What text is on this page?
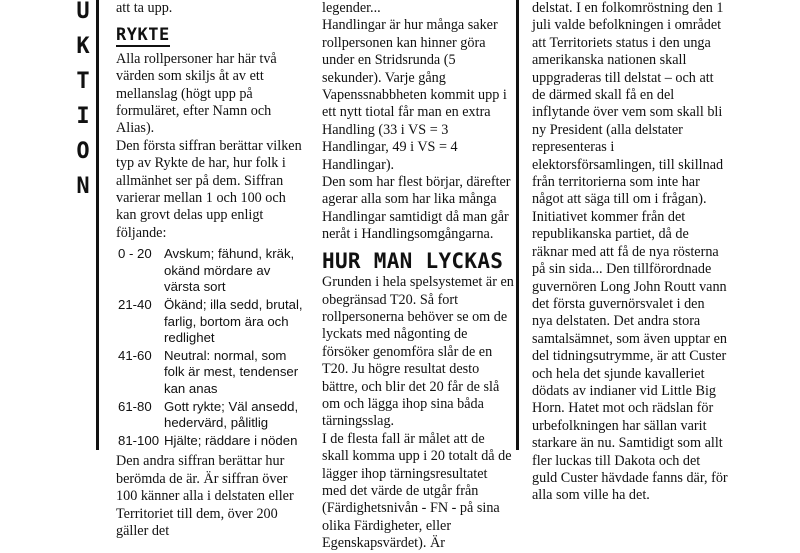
U
K
T
I
O
N

att ta upp.

RYKTE

Alla rollpersoner har här två värden som skiljs åt av ett mellanslag (högt upp på formuläret, efter Namn och Alias).

Den första siffran berättar vilken typ av Rykte de har, hur folk i allmänhet ser på dem. Siffran varierar mellan 1 och 100 och kan grovt delas upp enligt följande:

0 - 20	Avskum; fähund, kräk, okänd mördare av värsta sort
21-40	Ökänd; illa sedd, brutal, farlig, bortom ära och redlighet
41-60	Neutral: normal, som folk är mest, tendenser kan anas
61-80	Gott rykte; Väl ansedd, hedervärd, pålitlig
81-100	Hjälte; räddare i nöden

Den andra siffran berättar hur berömda de är. Är siffran över 100 känner alla i delstaten eller Territoriet till dem, över 200 gäller det

legender...

Handlingar är hur många saker rollpersonen kan hinner göra under en Stridsrunda (5 sekunder). Varje gång Vapenssnabbheten kommit upp i ett nytt tiotal får man en extra Handling (33 i VS = 3 Handlingar, 49 i VS = 4 Handlingar).

Den som har flest börjar, därefter agerar alla som har lika många Handlingar samtidigt då man går neråt i Handlingsomgångarna.

HUR MAN LYCKAS

Grunden i hela spelsystemet är en obegränsad T20. Så fort rollpersonerna behöver se om de lyckats med någonting de försöker genomföra slår de en T20. Ju högre resultat desto bättre, och blir det 20 får de slå om och lägga ihop sina båda tärningsslag.

I de flesta fall är målet att de skall komma upp i 20 totalt då de lägger ihop tärningsresultatet med det värde de utgår från (Färdighetsnivån - FN - på sina olika Färdigheter, eller Egenskapsvärdet). Är

delstat. I en folkomröstning den 1 juli valde befolkningen i området att Territoriets status i den unga amerikanska nationen skall uppgraderas till delstat – och att de därmed skall få en del inflytande över vem som skall bli ny President (alla delstater representeras i elektorsförsamlingen, till skillnad från territorierna som inte har något att säga till om i frågan). Initiativet kommer från det republikanska partiet, då de räknar med att få de nya rösterna på sin sida... Den tillförordnade guvernören Long John Routt vann det första guvernörsvalet i den nya delstaten. Det andra stora samtalsämnet, som även upptar en del tidningsutrymme, är att Custer och hela det sjunde kavalleriet dödats av indianer vid Little Big Horn. Hatet mot och rädslan för urbefolkningen har sällan varit starkare än nu. Samtidigt som allt fler luckas till Dakota och det guld Custer hävdade fanns där, för alla som ville ha det.
